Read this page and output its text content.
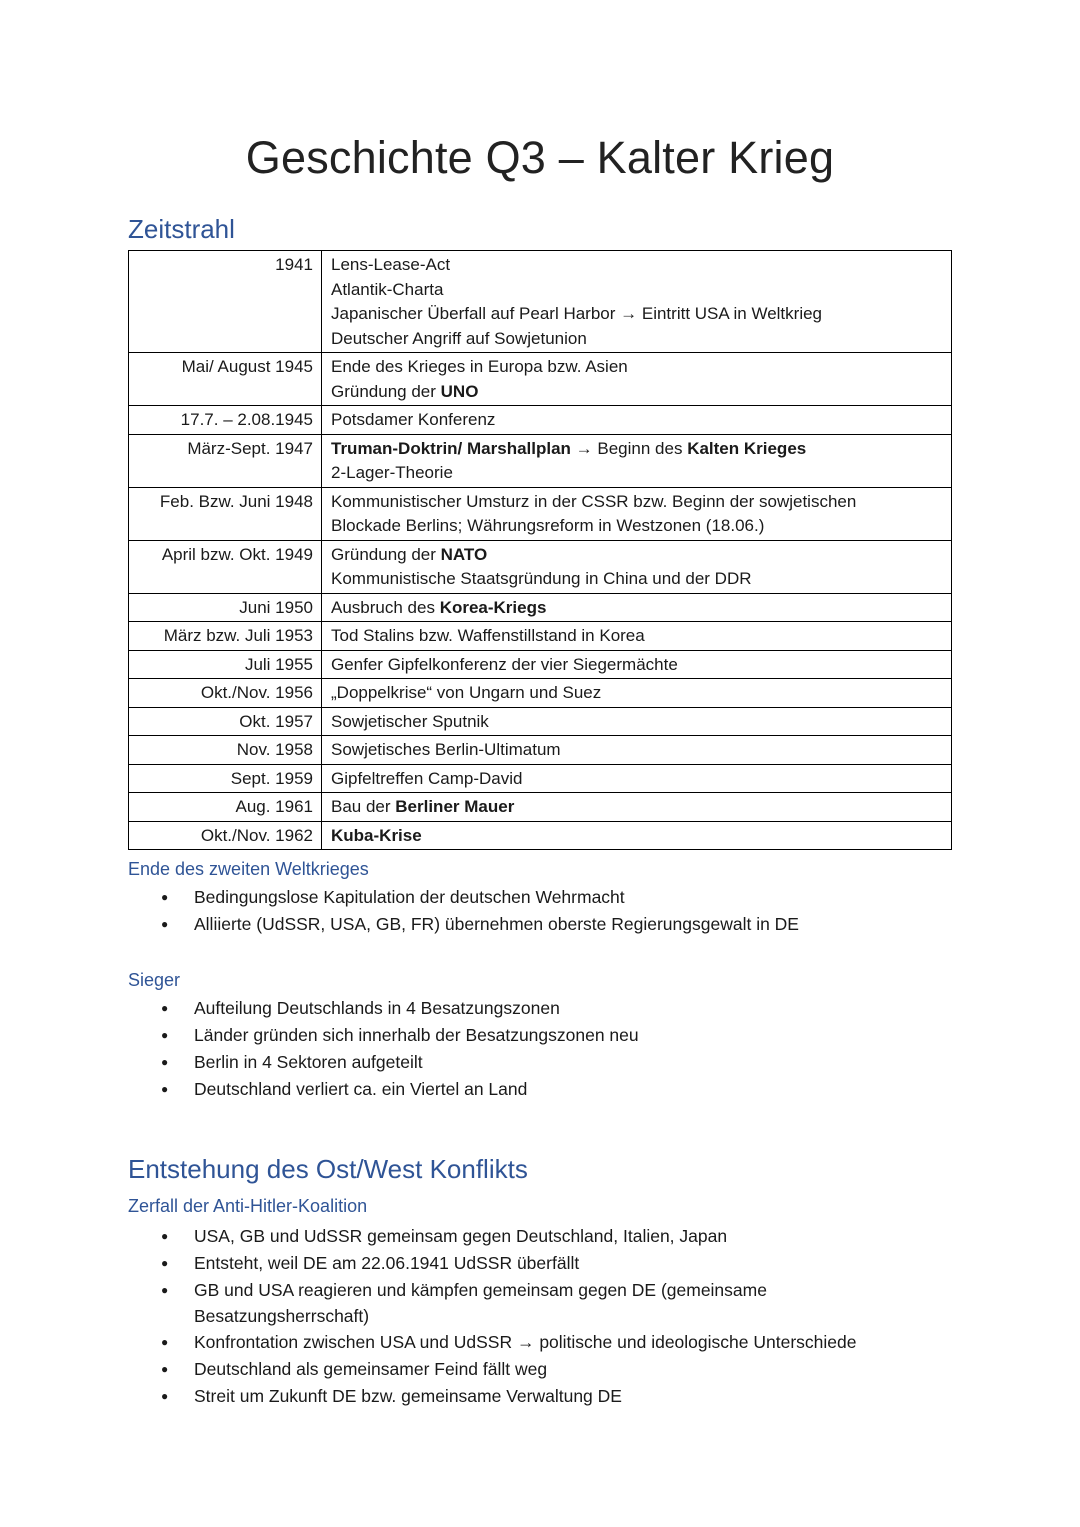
Geschichte Q3 – Kalter Krieg
Zeitstrahl
1941	Lens-Lease-Act
Atlantik-Charta
Japanischer Überfall auf Pearl Harbor → Eintritt USA in Weltkrieg
Deutscher Angriff auf Sowjetunion

Mai/ August 1945	Ende des Krieges in Europa bzw. Asien
Gründung der UNO

17.7. – 2.08.1945	Potsdamer Konferenz

März-Sept. 1947	Truman-Doktrin/ Marshallplan → Beginn des Kalten Krieges
2-Lager-Theorie

Feb. Bzw. Juni 1948	Kommunistischer Umsturz in der CSSR bzw. Beginn der sowjetischen
Blockade Berlins; Währungsreform in Westzonen (18.06.)

April bzw. Okt. 1949	Gründung der NATO
Kommunistische Staatsgründung in China und der DDR

Juni 1950	Ausbruch des Korea-Kriegs

März bzw. Juli 1953	Tod Stalins bzw. Waffenstillstand in Korea

Juli 1955	Genfer Gipfelkonferenz der vier Siegermächte

Okt./Nov. 1956	„Doppelkrise“ von Ungarn und Suez

Okt. 1957	Sowjetischer Sputnik

Nov. 1958	Sowjetisches Berlin-Ultimatum

Sept. 1959	Gipfeltreffen Camp-David

Aug. 1961	Bau der Berliner Mauer

Okt./Nov. 1962	Kuba-Krise
Ende des zweiten Weltkrieges
● Bedingungslose Kapitulation der deutschen Wehrmacht
● Alliierte (UdSSR, USA, GB, FR) übernehmen oberste Regierungsgewalt in DE
Sieger
● Aufteilung Deutschlands in 4 Besatzungszonen
● Länder gründen sich innerhalb der Besatzungszonen neu
● Berlin in 4 Sektoren aufgeteilt
● Deutschland verliert ca. ein Viertel an Land
Entstehung des Ost/West Konflikts
Zerfall der Anti-Hitler-Koalition
● USA, GB und UdSSR gemeinsam gegen Deutschland, Italien, Japan
● Entsteht, weil DE am 22.06.1941 UdSSR überfällt
● GB und USA reagieren und kämpfen gemeinsam gegen DE (gemeinsame Besatzungsherrschaft)
● Konfrontation zwischen USA und UdSSR → politische und ideologische Unterschiede
● Deutschland als gemeinsamer Feind fällt weg
● Streit um Zukunft DE bzw. gemeinsame Verwaltung DE
